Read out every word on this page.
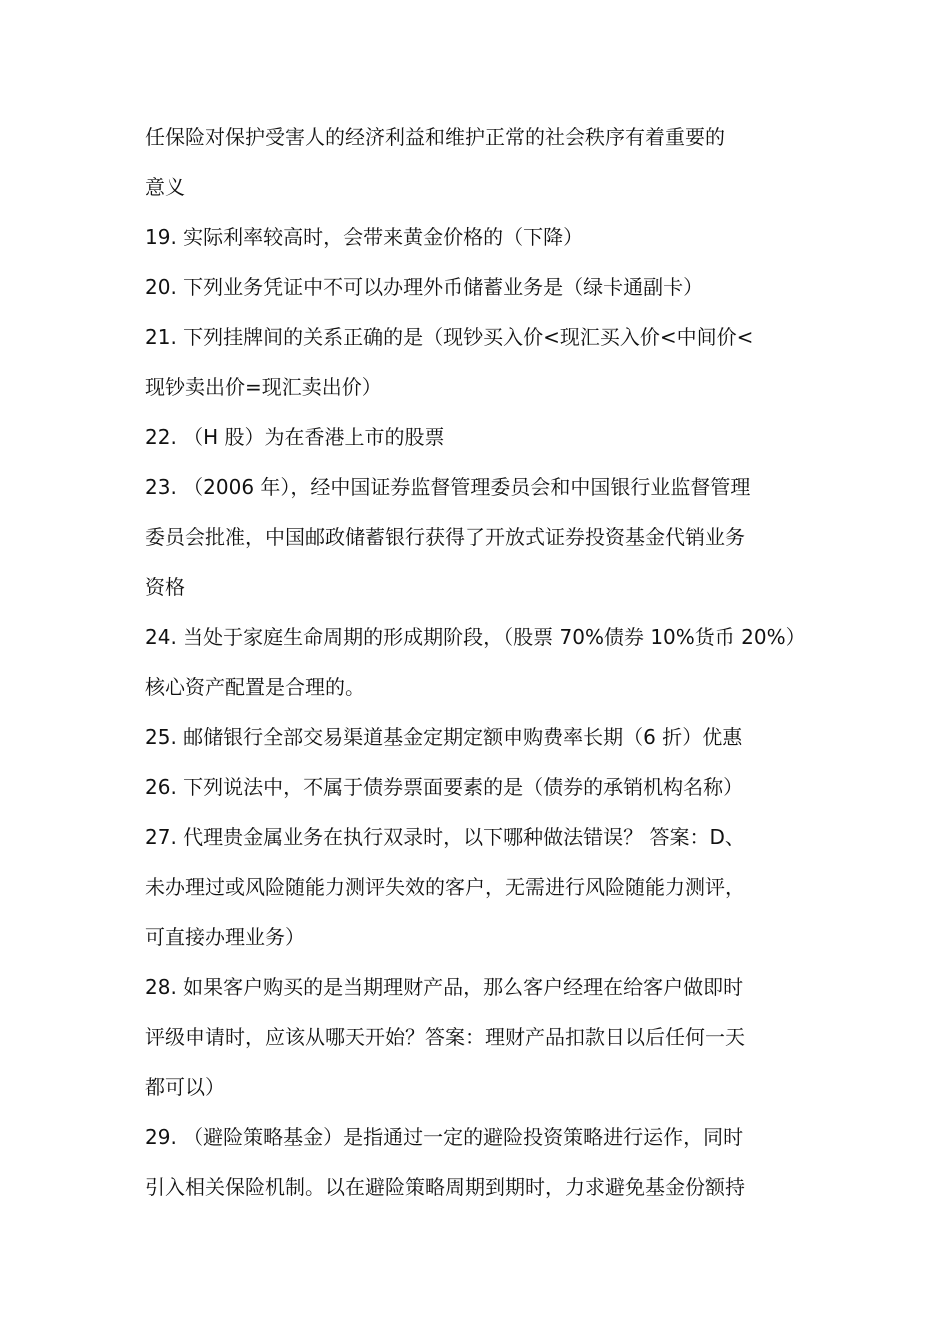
任保险对保护受害人的经济利益和维护正常的社会秩序有着重要的
意义

19. 实际利率较高时，会带来黄金价格的（下降）

20. 下列业务凭证中不可以办理外币储蓄业务是（绿卡通副卡）

21. 下列挂牌间的关系正确的是（现钞买入价<现汇买入价<中间价<
现钞卖出价=现汇卖出价）

22. （H 股）为在香港上市的股票

23. （2006 年），经中国证券监督管理委员会和中国银行业监督管理
委员会批准，中国邮政储蓄银行获得了开放式证券投资基金代销业务
资格

24. 当处于家庭生命周期的形成期阶段，（股票 70%债券 10%货币 20%）
核心资产配置是合理的。

25. 邮储银行全部交易渠道基金定期定额申购费率长期（6 折）优惠

26. 下列说法中，不属于债券票面要素的是（债券的承销机构名称）

27. 代理贵金属业务在执行双录时，以下哪种做法错误？ 答案：D、
未办理过或风险随能力测评失效的客户，无需进行风险随能力测评，
可直接办理业务）

28. 如果客户购买的是当期理财产品，那么客户经理在给客户做即时
评级申请时，应该从哪天开始？答案：理财产品扣款日以后任何一天
都可以）

29. （避险策略基金）是指通过一定的避险投资策略进行运作，同时
引入相关保险机制。以在避险策略周期到期时，力求避免基金份额持
